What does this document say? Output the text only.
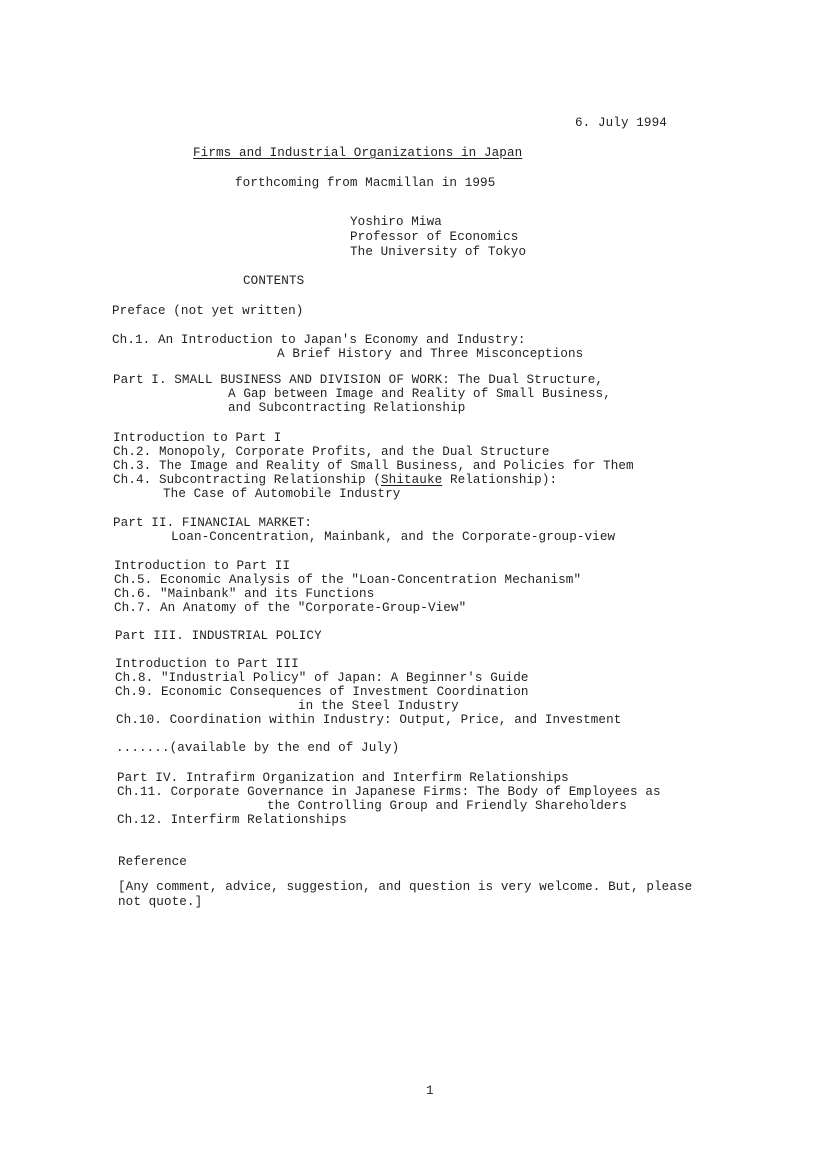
6. July 1994
Firms and Industrial Organizations in Japan
forthcoming from Macmillan in 1995
Yoshiro Miwa
Professor of Economics
The University of Tokyo
CONTENTS
Preface (not yet written)
Ch.1. An Introduction to Japan's Economy and Industry:
A Brief History and Three Misconceptions
Part I. SMALL BUSINESS AND DIVISION OF WORK: The Dual Structure,
A Gap between Image and Reality of Small Business,
and Subcontracting Relationship
Introduction to Part I
Ch.2. Monopoly, Corporate Profits, and the Dual Structure
Ch.3. The Image and Reality of Small Business, and Policies for Them
Ch.4. Subcontracting Relationship (Shitauke Relationship):
The Case of Automobile Industry
Part II. FINANCIAL MARKET:
Loan-Concentration, Mainbank, and the Corporate-group-view
Introduction to Part II
Ch.5. Economic Analysis of the "Loan-Concentration Mechanism"
Ch.6. "Mainbank" and its Functions
Ch.7. An Anatomy of the "Corporate-Group-View"
Part III. INDUSTRIAL POLICY
Introduction to Part III
Ch.8. "Industrial Policy" of Japan: A Beginner's Guide
Ch.9. Economic Consequences of Investment Coordination
in the Steel Industry
Ch.10. Coordination within Industry: Output, Price, and Investment
.......(available by the end of July)
Part IV. Intrafirm Organization and Interfirm Relationships
Ch.11. Corporate Governance in Japanese Firms: The Body of Employees as
the Controlling Group and Friendly Shareholders
Ch.12. Interfirm Relationships
Reference
[Any comment, advice, suggestion, and question is very welcome. But, please
not quote.]
1
